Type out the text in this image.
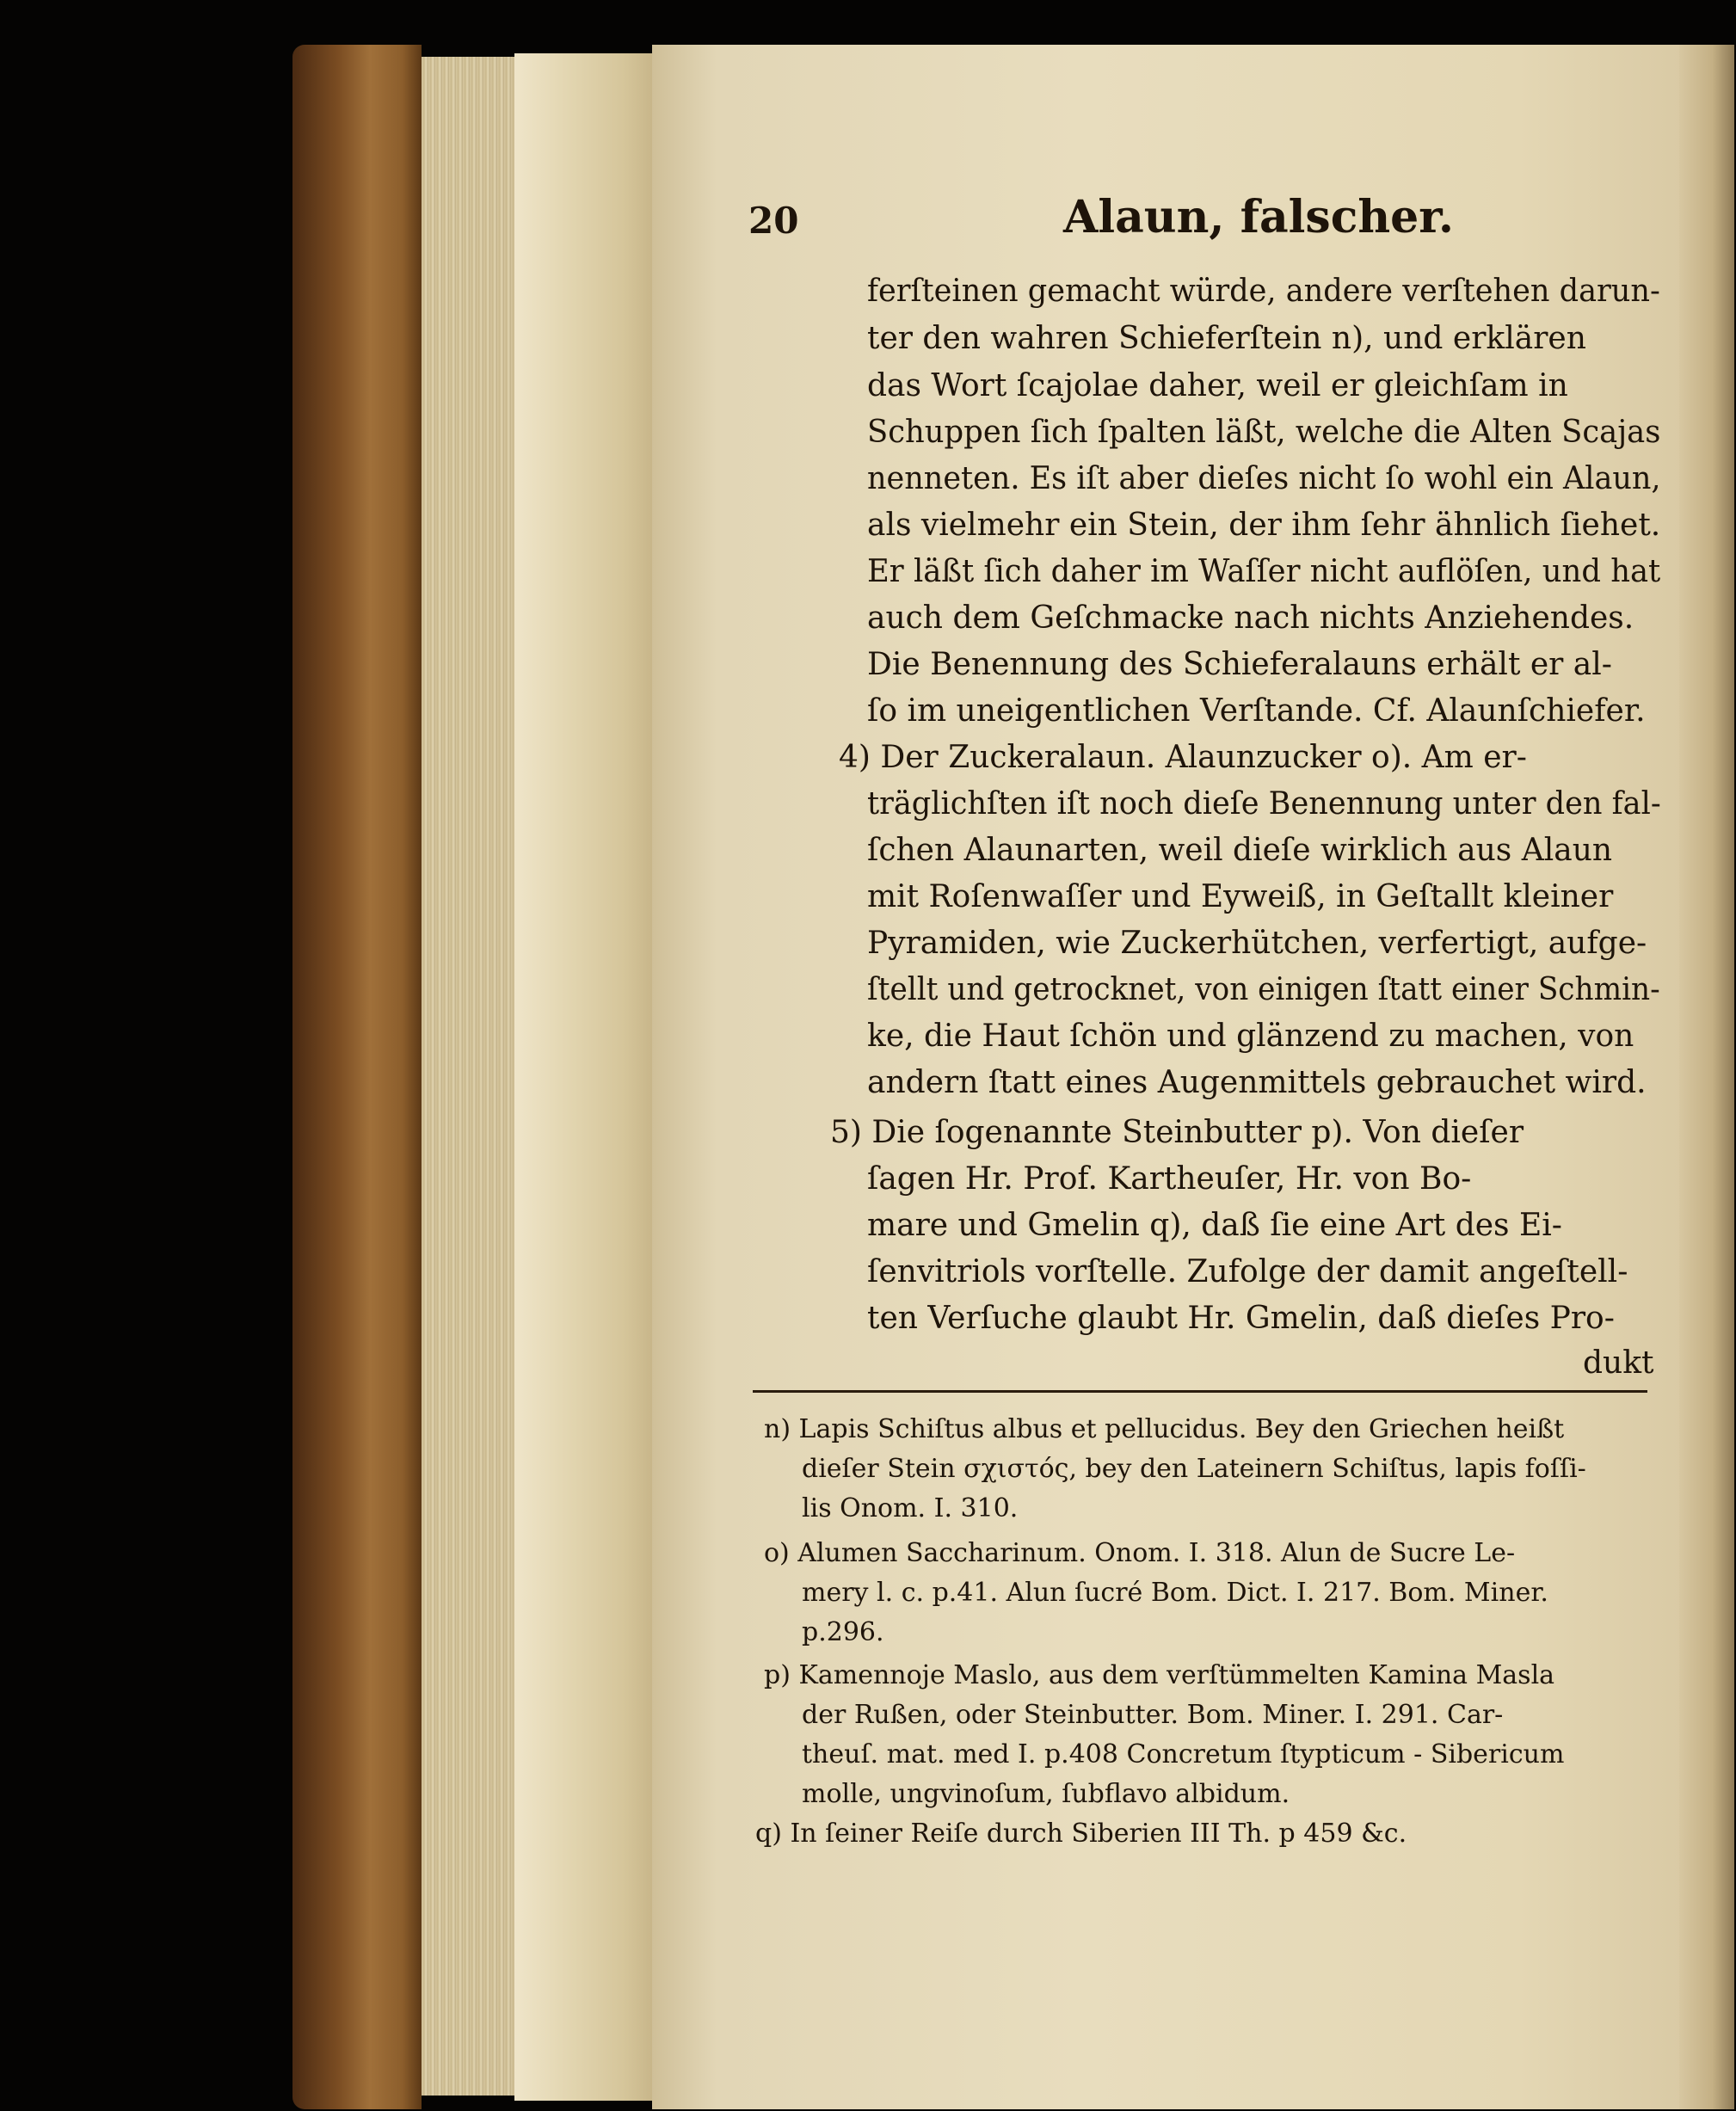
20	Alaun, falscher.
ferſteinen gemacht würde, andere verſtehen darun-
ter den wahren Schieferſtein n), und erklären
das Wort ſcajolae daher, weil er gleichſam in
Schuppen ſich ſpalten läßt, welche die Alten Scajas
nenneten. Es iſt aber dieſes nicht ſo wohl ein Alaun,
als vielmehr ein Stein, der ihm ſehr ähnlich ſiehet.
Er läßt ſich daher im Waſſer nicht auflöſen, und hat
auch dem Geſchmacke nach nichts Anziehendes.
Die Benennung des Schieferalauns erhält er al-
ſo im uneigentlichen Verſtande. Cf. Alaunſchiefer.
4) Der Zuckeralaun. Alaunzucker o). Am er-
träglichſten iſt noch dieſe Benennung unter den fal-
ſchen Alaunarten, weil dieſe wirklich aus Alaun
mit Roſenwaſſer und Eyweiß, in Geſtallt kleiner
Pyramiden, wie Zuckerhütchen, verfertigt, aufge-
ſtellt und getrocknet, von einigen ſtatt einer Schmin-
ke, die Haut ſchön und glänzend zu machen, von
andern ſtatt eines Augenmittels gebrauchet wird.
5) Die ſogenannte Steinbutter p). Von dieſer
ſagen Hr. Prof. Kartheuſer, Hr. von Bo-
mare und Gmelin q), daß ſie eine Art des Ei-
ſenvitriols vorſtelle. Zufolge der damit angeſtell-
ten Verſuche glaubt Hr. Gmelin, daß dieſes Pro-
dukt
n) Lapis Schiſtus albus et pellucidus. Bey den Griechen heißt
dieſer Stein σχιστός, bey den Lateinern Schiſtus, lapis foſſi-
lis Onom. I. 310.
o) Alumen Saccharinum. Onom. I. 318. Alun de Sucre Le-
mery l. c. p.41. Alun ſucré Bom. Dict. I. 217. Bom. Miner.
p.296.
p) Kamennoje Maslo, aus dem verſtümmelten Kamina Masla
der Rußen, oder Steinbutter. Bom. Miner. I. 291. Car-
theuſ. mat. med I. p.408 Concretum ſtypticum - Sibericum
molle, ungvinoſum, ſubflavo albidum.
q) In ſeiner Reiſe durch Siberien III Th. p 459 &c.
